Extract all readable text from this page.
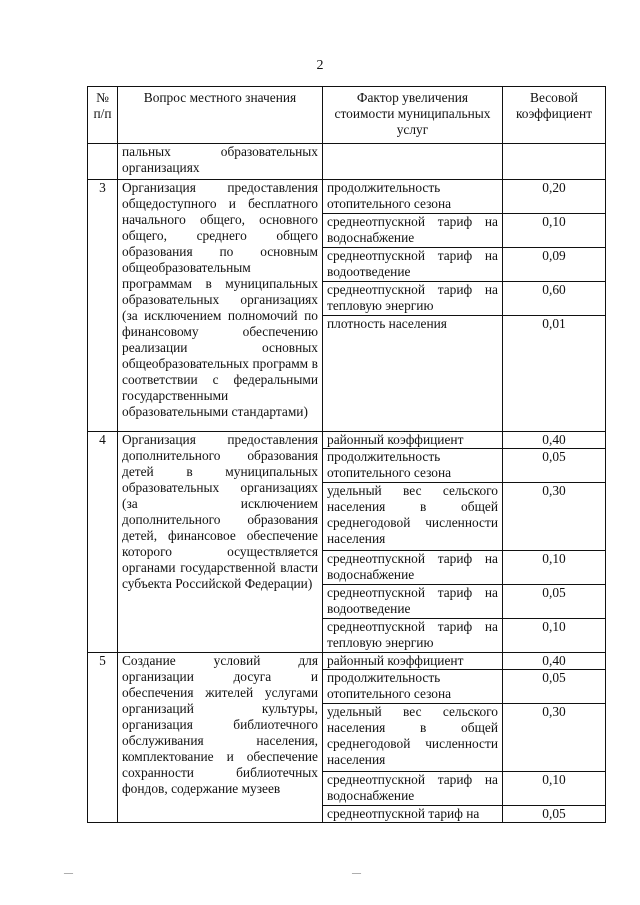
2
№ п/п	Вопрос местного значения	Фактор увеличения стоимости муниципальных услуг	Весовой коэффициент
	пальных образовательных организациях		
3	Организация предоставления общедоступного и бесплатного начального общего, основного общего, среднего общего образования по основным общеобразовательным программам в муниципальных образовательных организациях (за исключением полномочий по финансовому обеспечению реализации основных общеобразовательных программ в соответствии с федеральными государственными образовательными стандартами)	продолжительность отопительного сезона	0,20
		среднеотпускной тариф на водоснабжение	0,10
		среднеотпускной тариф на водоотведение	0,09
		среднеотпускной тариф на тепловую энергию	0,60
		плотность населения	0,01
4	Организация предоставления дополнительного образования детей в муниципальных образовательных организациях (за исключением дополнительного образования детей, финансовое обеспечение которого осуществляется органами государственной власти субъекта Российской Федерации)	районный коэффициент	0,40
		продолжительность отопительного сезона	0,05
		удельный вес сельского населения в общей среднегодовой численности населения	0,30
		среднеотпускной тариф на водоснабжение	0,10
		среднеотпускной тариф на водоотведение	0,05
		среднеотпускной тариф на тепловую энергию	0,10
5	Создание условий для организации досуга и обеспечения жителей услугами организаций культуры, организация библиотечного обслуживания населения, комплектование и обеспечение сохранности библиотечных фондов, содержание музеев	районный коэффициент	0,40
		продолжительность отопительного сезона	0,05
		удельный вес сельского населения в общей среднегодовой численности населения	0,30
		среднеотпускной тариф на водоснабжение	0,10
		среднеотпускной тариф на	0,05
—	—
